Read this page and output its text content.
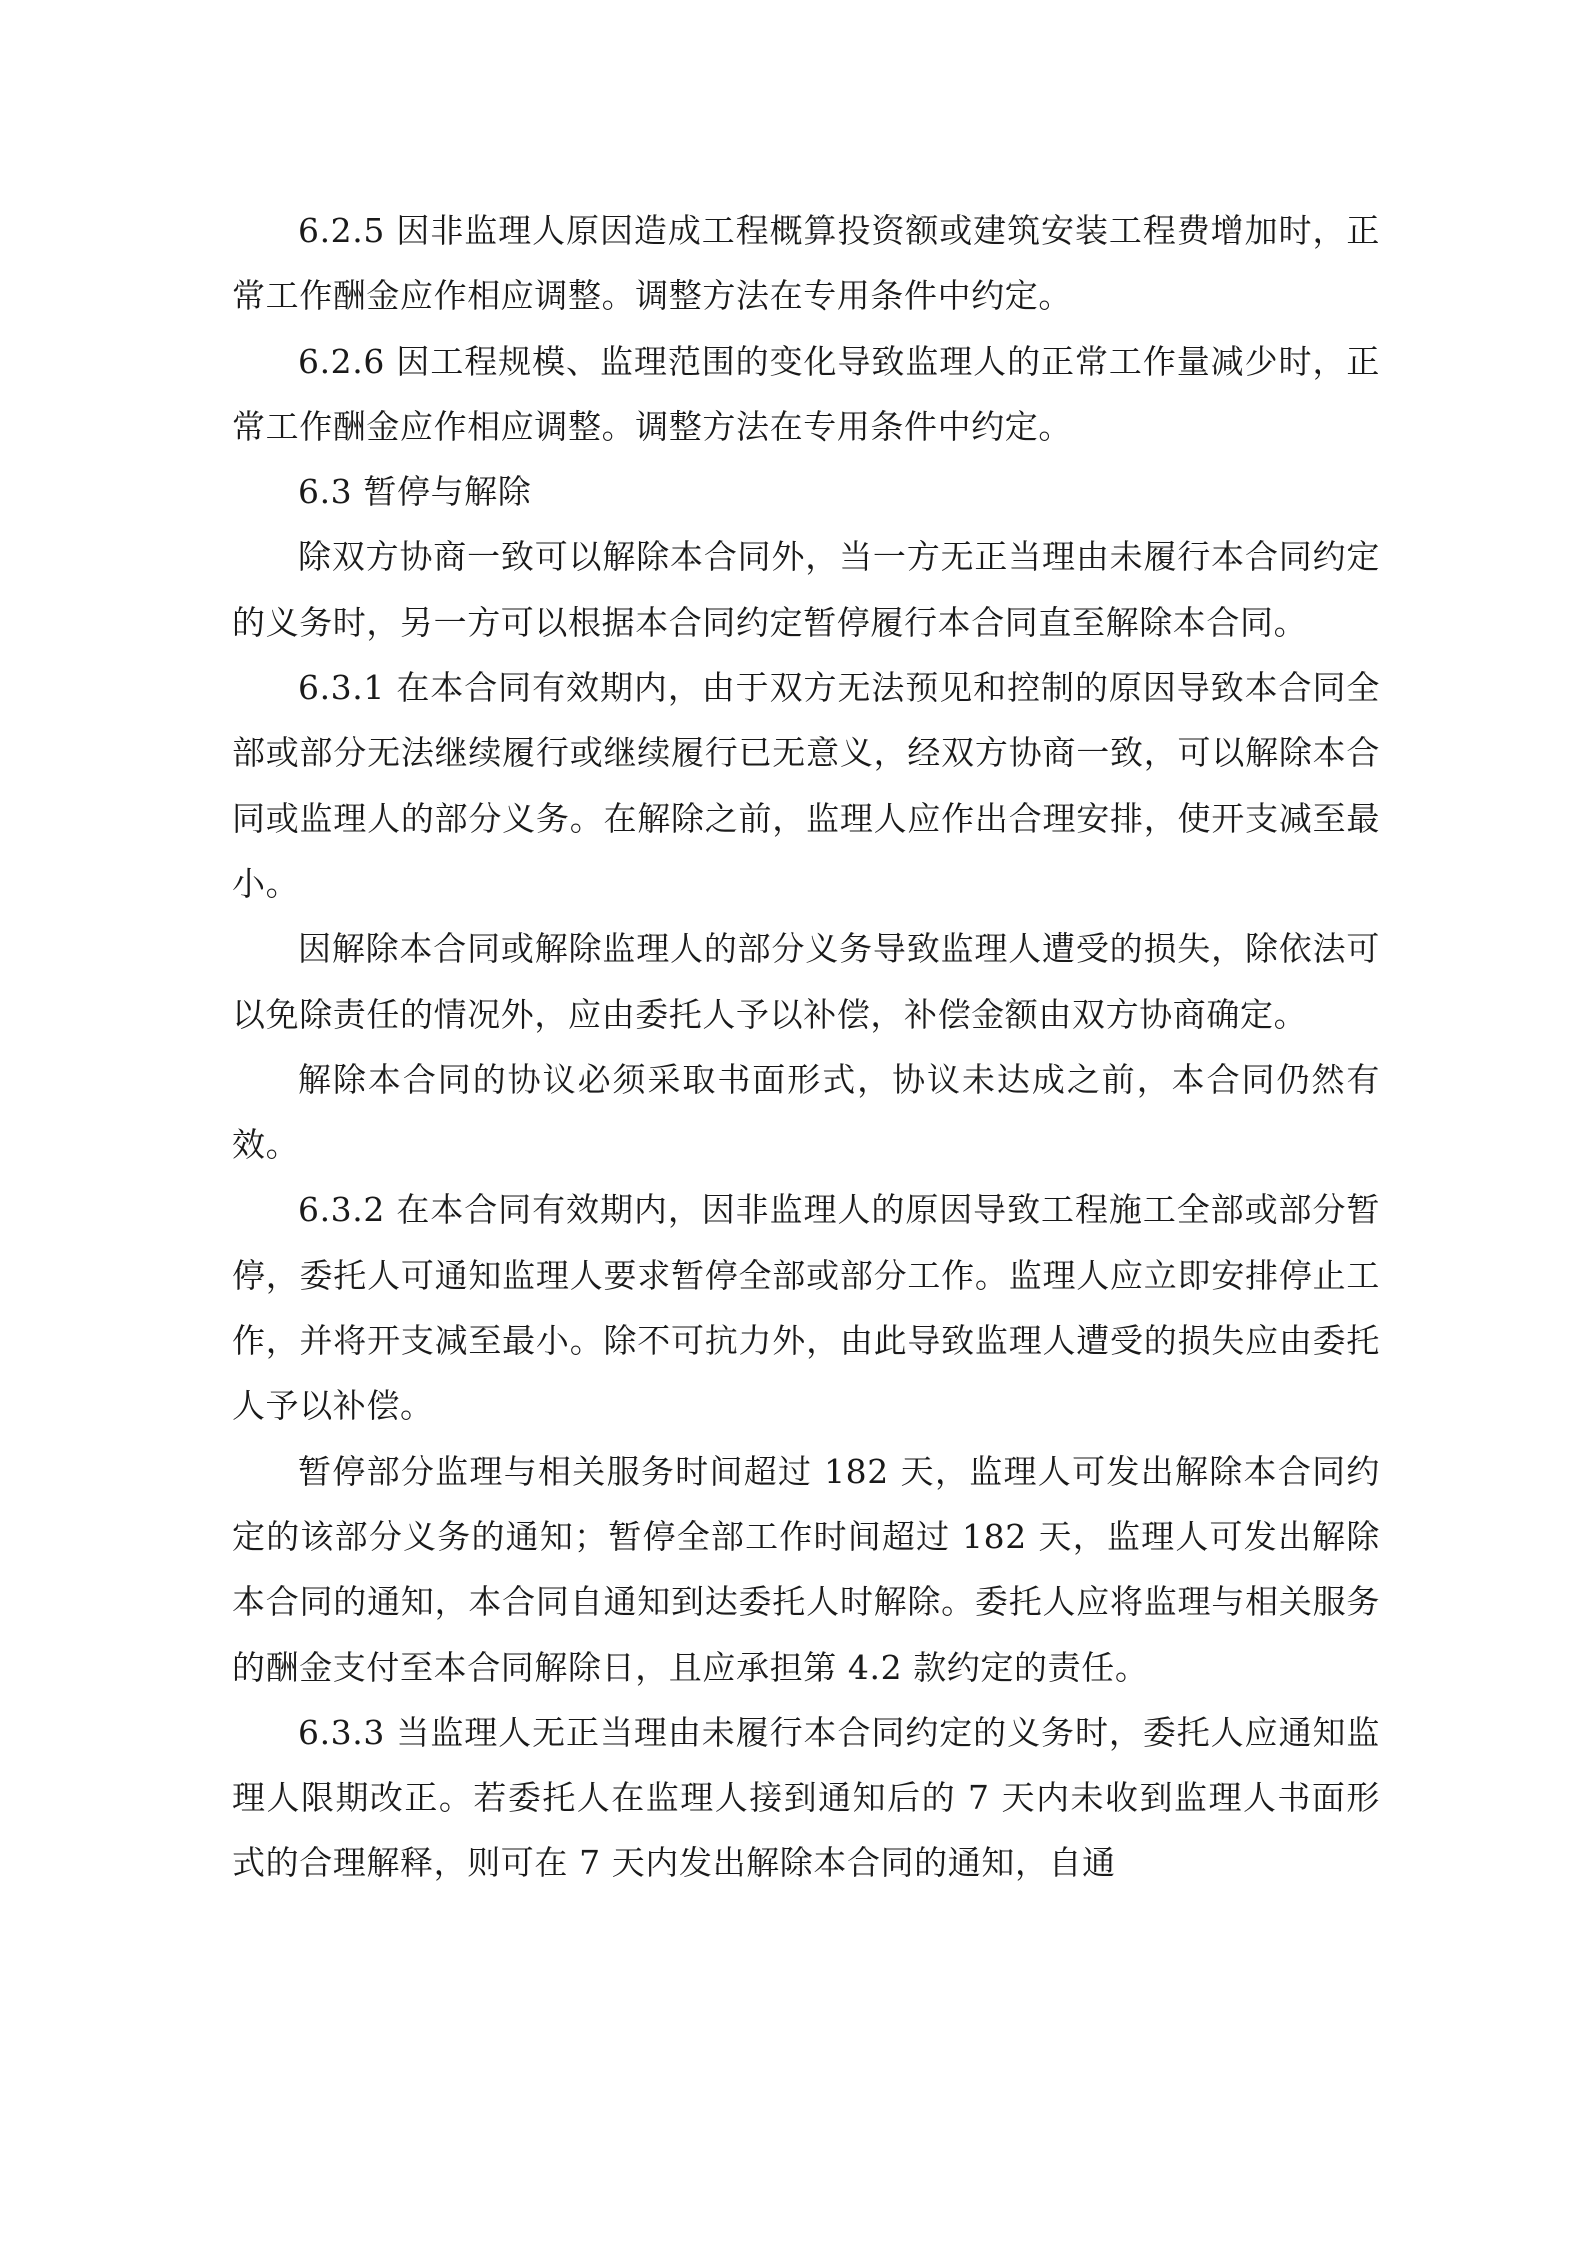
6.2.5 因非监理人原因造成工程概算投资额或建筑安装工程费增加时，正常工作酬金应作相应调整。调整方法在专用条件中约定。

6.2.6 因工程规模、监理范围的变化导致监理人的正常工作量减少时，正常工作酬金应作相应调整。调整方法在专用条件中约定。

6.3 暂停与解除

除双方协商一致可以解除本合同外，当一方无正当理由未履行本合同约定的义务时，另一方可以根据本合同约定暂停履行本合同直至解除本合同。

6.3.1 在本合同有效期内，由于双方无法预见和控制的原因导致本合同全部或部分无法继续履行或继续履行已无意义，经双方协商一致，可以解除本合同或监理人的部分义务。在解除之前，监理人应作出合理安排，使开支减至最小。

因解除本合同或解除监理人的部分义务导致监理人遭受的损失，除依法可以免除责任的情况外，应由委托人予以补偿，补偿金额由双方协商确定。

解除本合同的协议必须采取书面形式，协议未达成之前，本合同仍然有效。

6.3.2 在本合同有效期内，因非监理人的原因导致工程施工全部或部分暂停，委托人可通知监理人要求暂停全部或部分工作。监理人应立即安排停止工作，并将开支减至最小。除不可抗力外，由此导致监理人遭受的损失应由委托人予以补偿。

暂停部分监理与相关服务时间超过 182 天，监理人可发出解除本合同约定的该部分义务的通知；暂停全部工作时间超过 182 天，监理人可发出解除本合同的通知，本合同自通知到达委托人时解除。委托人应将监理与相关服务的酬金支付至本合同解除日，且应承担第 4.2 款约定的责任。

6.3.3 当监理人无正当理由未履行本合同约定的义务时，委托人应通知监理人限期改正。若委托人在监理人接到通知后的 7 天内未收到监理人书面形式的合理解释，则可在 7 天内发出解除本合同的通知，自通
